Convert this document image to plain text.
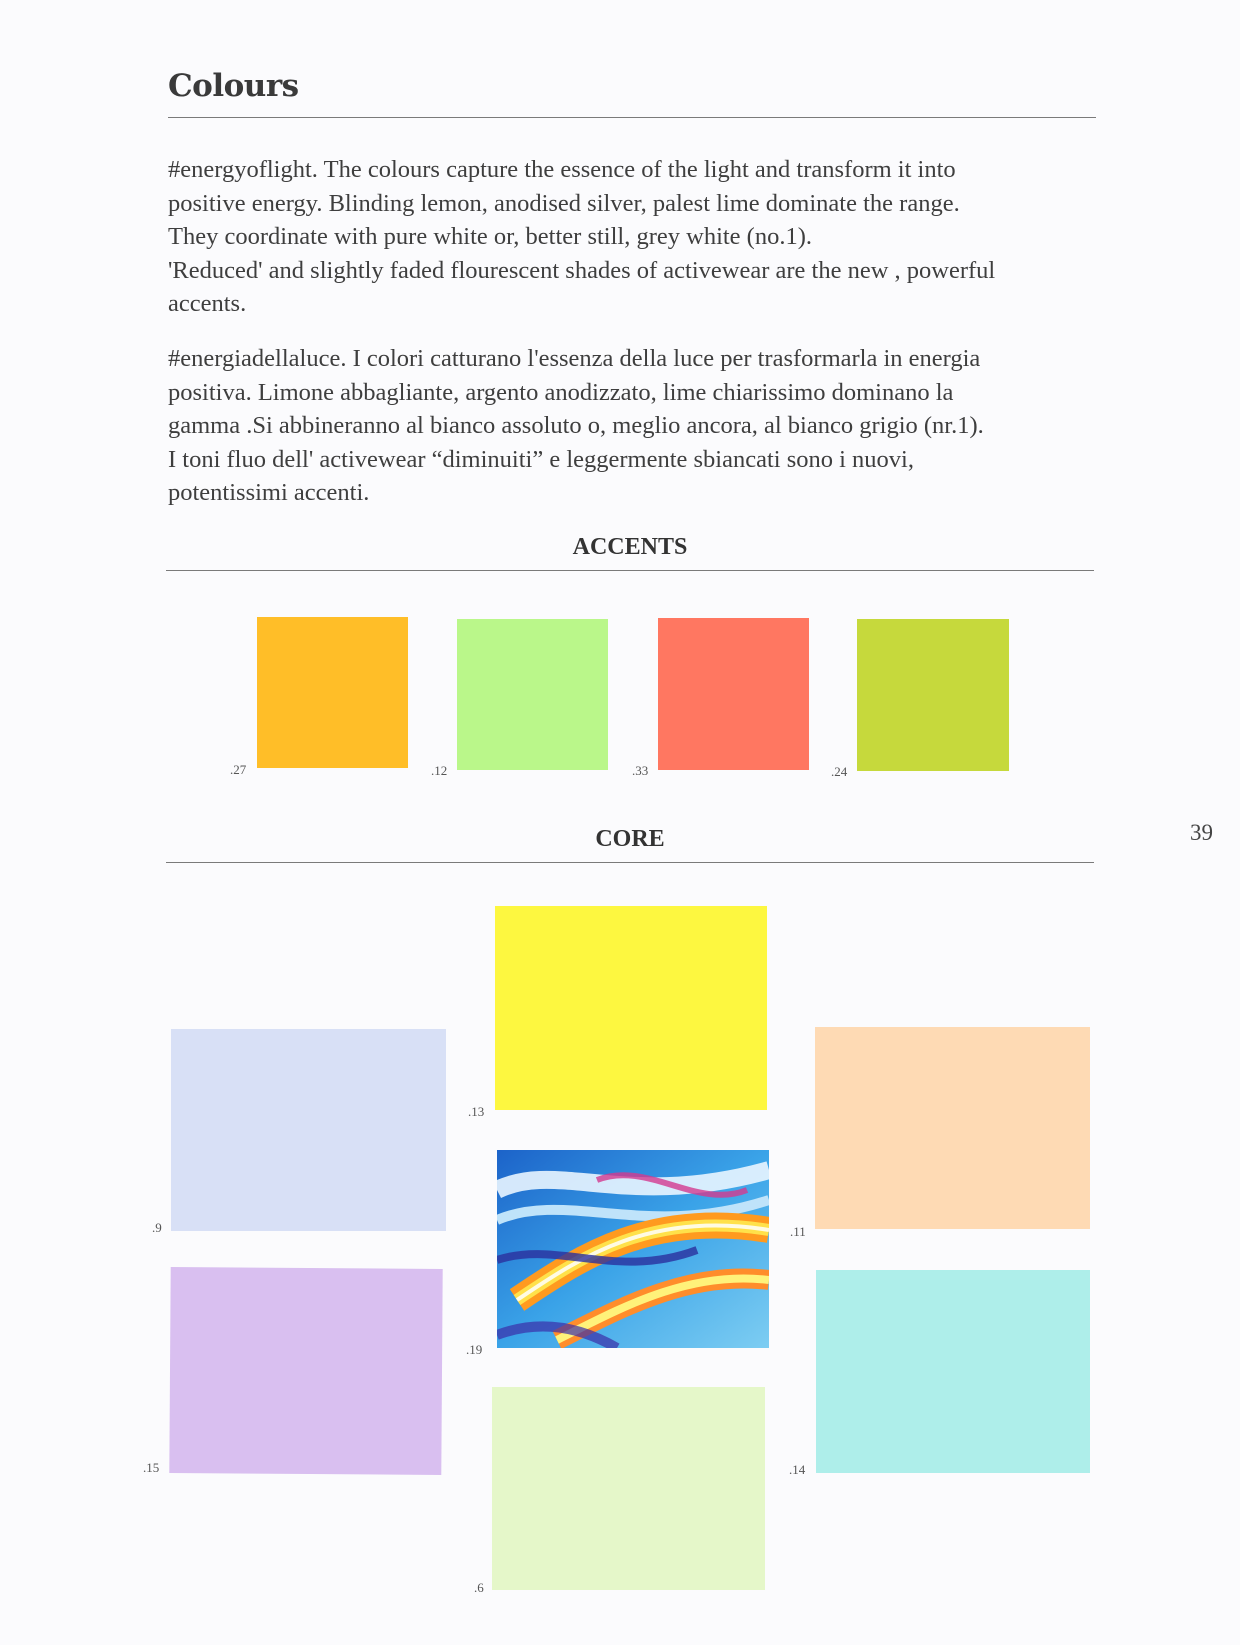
Colours

#energyoflight. The colours capture the essence of the light and transform it into
positive energy. Blinding lemon, anodised silver, palest lime dominate the range.
They coordinate with pure white or, better still, grey white (no.1).
'Reduced' and slightly faded flourescent shades of activewear are the new , powerful
accents.

#energiadellaluce. I colori catturano l'essenza della luce per trasformarla in energia
positiva. Limone abbagliante, argento anodizzato, lime chiarissimo dominano la
gamma .Si abbineranno al bianco assoluto o, meglio ancora, al bianco grigio (nr.1).
I toni fluo dell' activewear “diminuiti” e leggermente sbiancati sono i nuovi,
potentissimi accenti.

ACCENTS
.27	.12	.33	.24
CORE	39
.9
.15
.13
.19
.6
.11
.14
